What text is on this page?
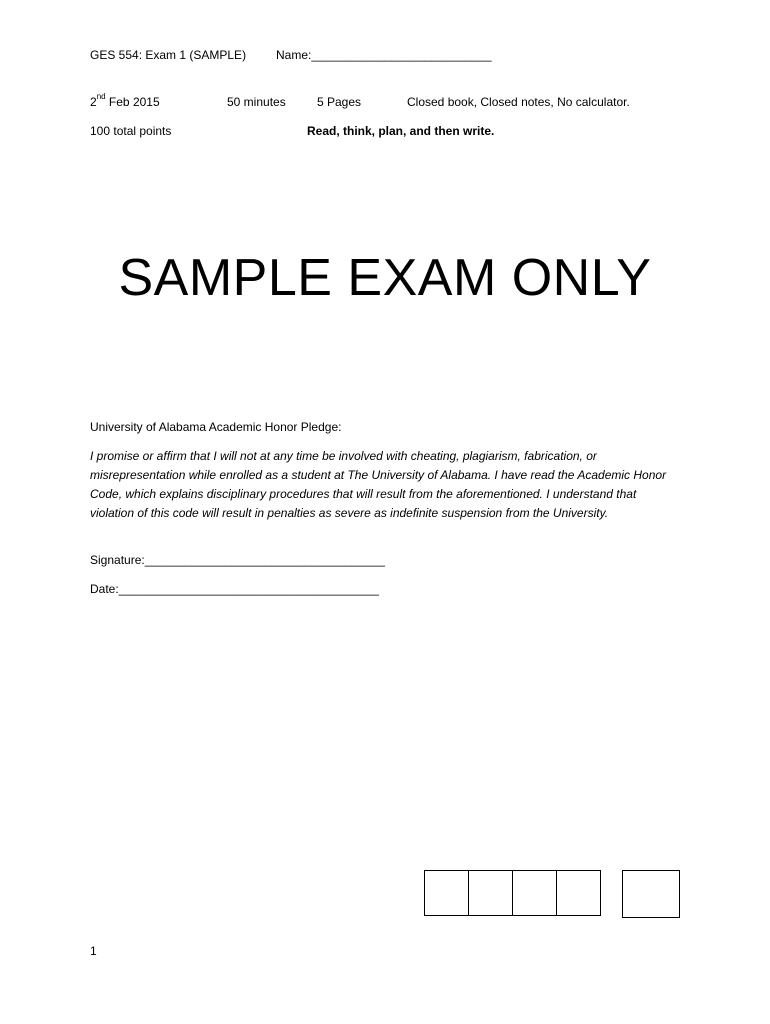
GES 554: Exam 1 (SAMPLE) Name:___________________________
2nd Feb 2015	50 minutes	5 Pages	Closed book, Closed notes, No calculator.
100 total points	Read, think, plan, and then write.
SAMPLE EXAM ONLY
University of Alabama Academic Honor Pledge:
I promise or affirm that I will not at any time be involved with cheating, plagiarism, fabrication, or misrepresentation while enrolled as a student at The University of Alabama. I have read the Academic Honor Code, which explains disciplinary procedures that will result from the aforementioned. I understand that violation of this code will result in penalties as severe as indefinite suspension from the University.
Signature:____________________________________
Date:_______________________________________
1
